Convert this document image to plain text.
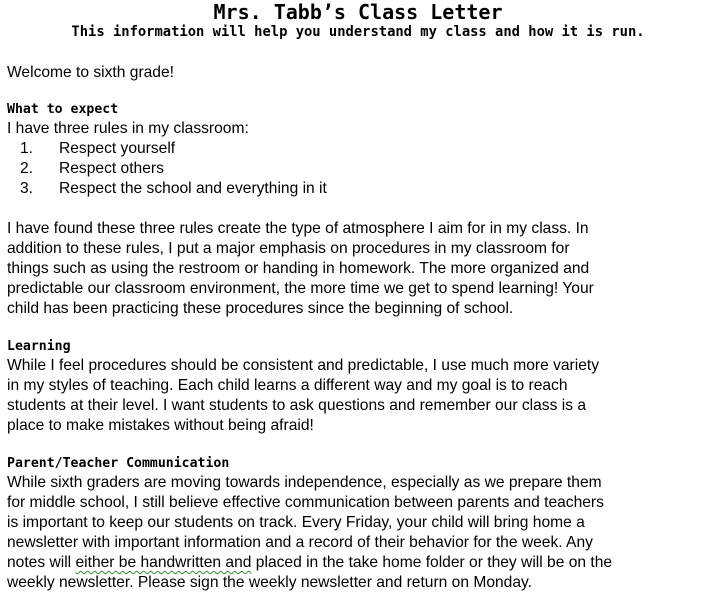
Mrs. Tabb’s Class Letter
This information will help you understand my class and how it is run.

Welcome to sixth grade!

What to expect

I have three rules in my classroom:

1. Respect yourself
2. Respect others
3. Respect the school and everything in it

I have found these three rules create the type of atmosphere I aim for in my class. In
addition to these rules, I put a major emphasis on procedures in my classroom for
things such as using the restroom or handing in homework. The more organized and
predictable our classroom environment, the more time we get to spend learning! Your
child has been practicing these procedures since the beginning of school.

Learning

While I feel procedures should be consistent and predictable, I use much more variety
in my styles of teaching. Each child learns a different way and my goal is to reach
students at their level. I want students to ask questions and remember our class is a
place to make mistakes without being afraid!

Parent/Teacher Communication

While sixth graders are moving towards independence, especially as we prepare them
for middle school, I still believe effective communication between parents and teachers
is important to keep our students on track. Every Friday, your child will bring home a
newsletter with important information and a record of their behavior for the week. Any
notes will either be handwritten and placed in the take home folder or they will be on the
weekly newsletter. Please sign the weekly newsletter and return on Monday.
